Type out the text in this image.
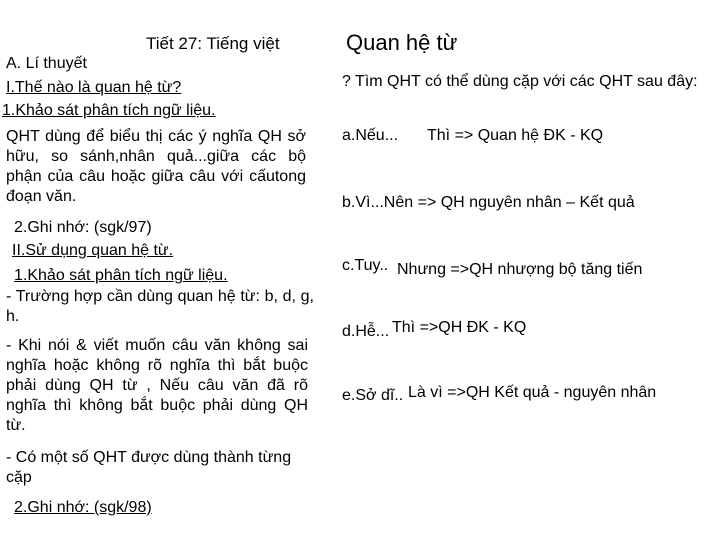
Tiết 27: Tiếng việt	Quan hệ từ
A. Lí thuyết
I.Thế nào là quan hệ từ?
1.Khảo sát phân tích ngữ liệu.
QHT dùng để biểu thị các ý nghĩa QH sở hữu, so sánh,nhân quả...giữa các bộ phận của câu hoặc giữa câu với cấutong đoạn văn.
2.Ghi nhớ: (sgk/97)
II.Sử dụng quan hệ từ.
1.Khảo sát phân tích ngữ liệu.
- Trường hợp cần dùng quan hệ từ: b, d, g, h.
- Khi nói & viết muốn câu văn không sai nghĩa hoặc không rõ nghĩa thì bắt buộc phải dùng QH từ , Nếu câu văn đã rõ nghĩa thì không bắt buộc phải dùng QH từ.
- Có một số QHT được dùng thành từng cặp
2.Ghi nhớ: (sgk/98)
? Tìm QHT có thể dùng cặp với các QHT sau đây:
a.Nếu... Thì => Quan hệ ĐK - KQ
b.Vì...Nên => QH nguyên nhân – Kết quả
c.Tuy.. Nhưng =>QH nhượng bộ tăng tiến
d.Hễ... Thì =>QH ĐK - KQ
e.Sở dĩ.. Là vì =>QH Kết quả - nguyên nhân
